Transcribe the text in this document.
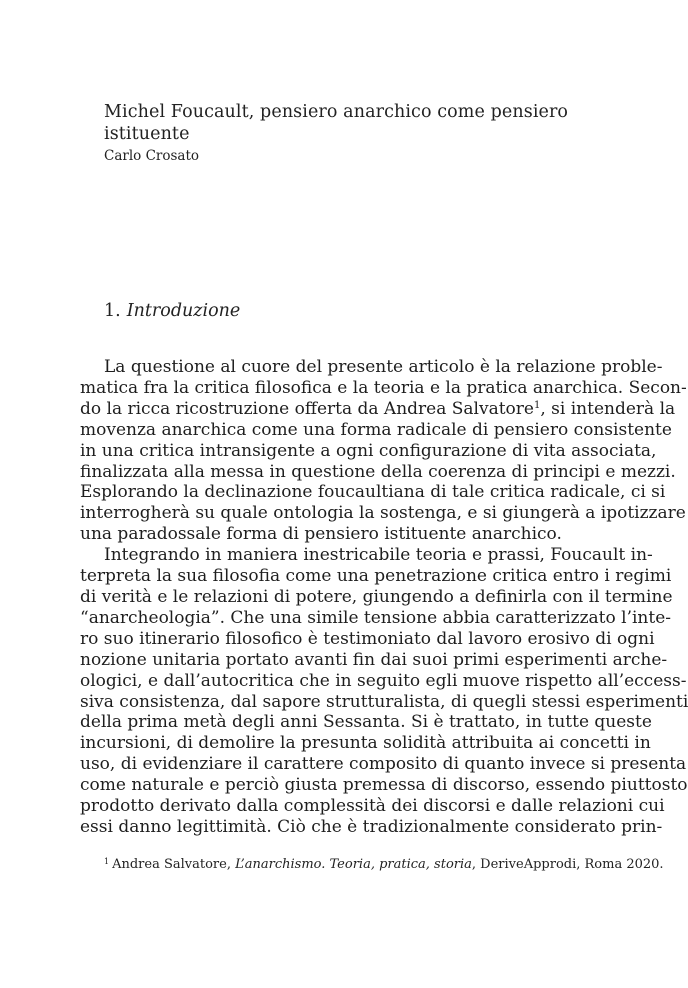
Michel Foucault, pensiero anarchico come pensiero istituente
Carlo Crosato
1. Introduzione
La questione al cuore del presente articolo è la relazione proble-
matica fra la critica filosofica e la teoria e la pratica anarchica. Secon-
do la ricca ricostruzione offerta da Andrea Salvatore$^1$, si intenderà la
movenza anarchica come una forma radicale di pensiero consistente
in una critica intransigente a ogni configurazione di vita associata,
finalizzata alla messa in questione della coerenza di principi e mezzi.
Esplorando la declinazione foucaultiana di tale critica radicale, ci si
interrogherà su quale ontologia la sostenga, e si giungerà a ipotizzare
una paradossale forma di pensiero istituente anarchico.
Integrando in maniera inestricabile teoria e prassi, Foucault in-
terpreta la sua filosofia come una penetrazione critica entro i regimi
di verità e le relazioni di potere, giungendo a definirla con il termine
“anarcheologia”. Che una simile tensione abbia caratterizzato l’inte-
ro suo itinerario filosofico è testimoniato dal lavoro erosivo di ogni
nozione unitaria portato avanti fin dai suoi primi esperimenti arche-
ologici, e dall’autocritica che in seguito egli muove rispetto all’eccess-
siva consistenza, dal sapore strutturalista, di quegli stessi esperimenti
della prima metà degli anni Sessanta. Si è trattato, in tutte queste
incursioni, di demolire la presunta solidità attribuita ai concetti in
uso, di evidenziare il carattere composito di quanto invece si presenta
come naturale e perciò giusta premessa di discorso, essendo piuttosto
prodotto derivato dalla complessità dei discorsi e dalle relazioni cui
essi danno legittimità. Ciò che è tradizionalmente considerato prin-
$^1$ Andrea Salvatore, L’anarchismo. Teoria, pratica, storia, DeriveApprodi, Roma 2020.
